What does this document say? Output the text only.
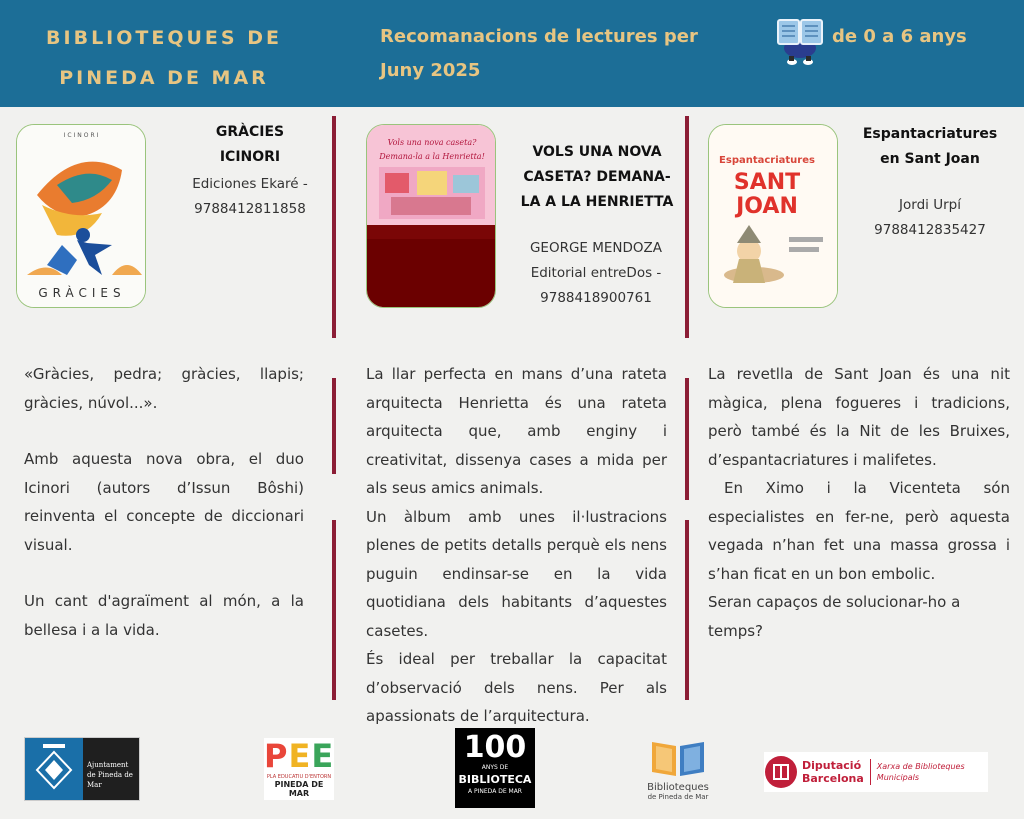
BIBLIOTEQUES DE
PINEDA DE MAR
Recomanacions de lectures per
Juny 2025
de 0 a 6 anys
ICINORI
GRÀCIES
GRÀCIES
ICINORI
Ediciones Ekaré -
9788412811858
Vols una nova caseta?
Demana-la a la Henrietta!	VOLS UNA NOVA
CASETA? DEMANA-
LA A LA HENRIETTA
GEORGE MENDOZA
Editorial entreDos -
9788418900761
Espantacriatures
SANT
JOAN
Espantacriatures
en Sant Joan
Jordi Urpí
9788412835427

«Gràcies, pedra; gràcies, llapis; gràcies, núvol...».

Amb aquesta nova obra, el duo Icinori (autors d’Issun Bôshi) reinventa el concepte de diccionari visual.

Un cant d'agraïment al món, a la bellesa i a la vida.

La llar perfecta en mans d’una rateta arquitecta Henrietta és una rateta arquitecta que, amb enginy i creativitat, dissenya cases a mida per als seus amics animals.

Un àlbum amb unes il·lustracions plenes de petits detalls perquè els nens puguin endinsar-se en la vida quotidiana dels habitants d’aquestes casetes.

És ideal per treballar la capacitat d’observació dels nens. Per als apassionats de l’arquitectura.

La revetlla de Sant Joan és una nit màgica, plena fogueres i tradicions, però també és la Nit de les Bruixes, d’espantacriatures i malifetes.

En Ximo i la Vicenteta són especialistes en fer-ne, però aquesta vegada n’han fet una massa grossa i s’han ficat en un bon embolic.

Seran capaços de solucionar-ho a temps?

Ajuntament
de Pineda de Mar
PEE
PLA EDUCATIU D'ENTORN
PINEDA DE MAR
100
ANYS DE
BIBLIOTECA
A PINEDA DE MAR	Biblioteques
de Pineda de Mar
Diputació
Barcelona
Xarxa de Biblioteques
Municipals
